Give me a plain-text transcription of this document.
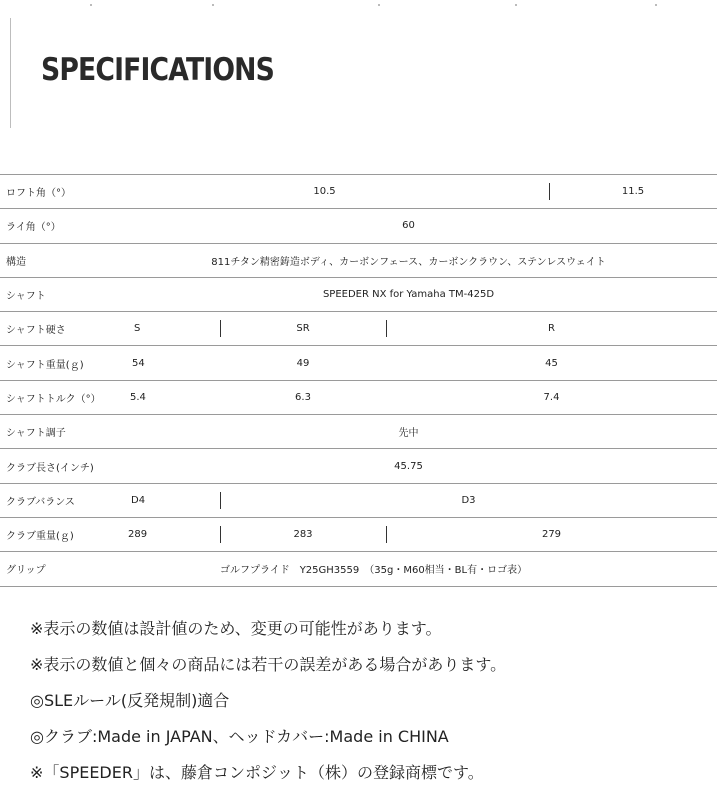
SPECIFICATIONS
ロフト角（°）	10.5			11.5
ライ角（°）	60			
構造	811チタン精密鋳造ボディ、カーボンフェース、カーボンクラウン、ステンレスウェイト			
シャフト	SPEEDER NX for Yamaha TM-425D			
シャフト硬さ	S	SR	R	
シャフト重量(ｇ)	54	49	45	
シャフトトルク（°）	5.4	6.3	7.4	
シャフト調子	先中			
クラブ長さ(インチ)	45.75			
クラブバランス	D4	D3		
クラブ重量(ｇ)	289	283	279	
グリップ	ゴルフプライド　Y25GH3559　（35g・M60相当・BL有・ロゴ表）			

※表示の数値は設計値のため、変更の可能性があります。

※表示の数値と個々の商品には若干の誤差がある場合があります。

◎SLEルール(反発規制)適合

◎クラブ:Made in JAPAN、ヘッドカバー:Made in CHINA

※「SPEEDER」は、藤倉コンポジット（株）の登録商標です。
